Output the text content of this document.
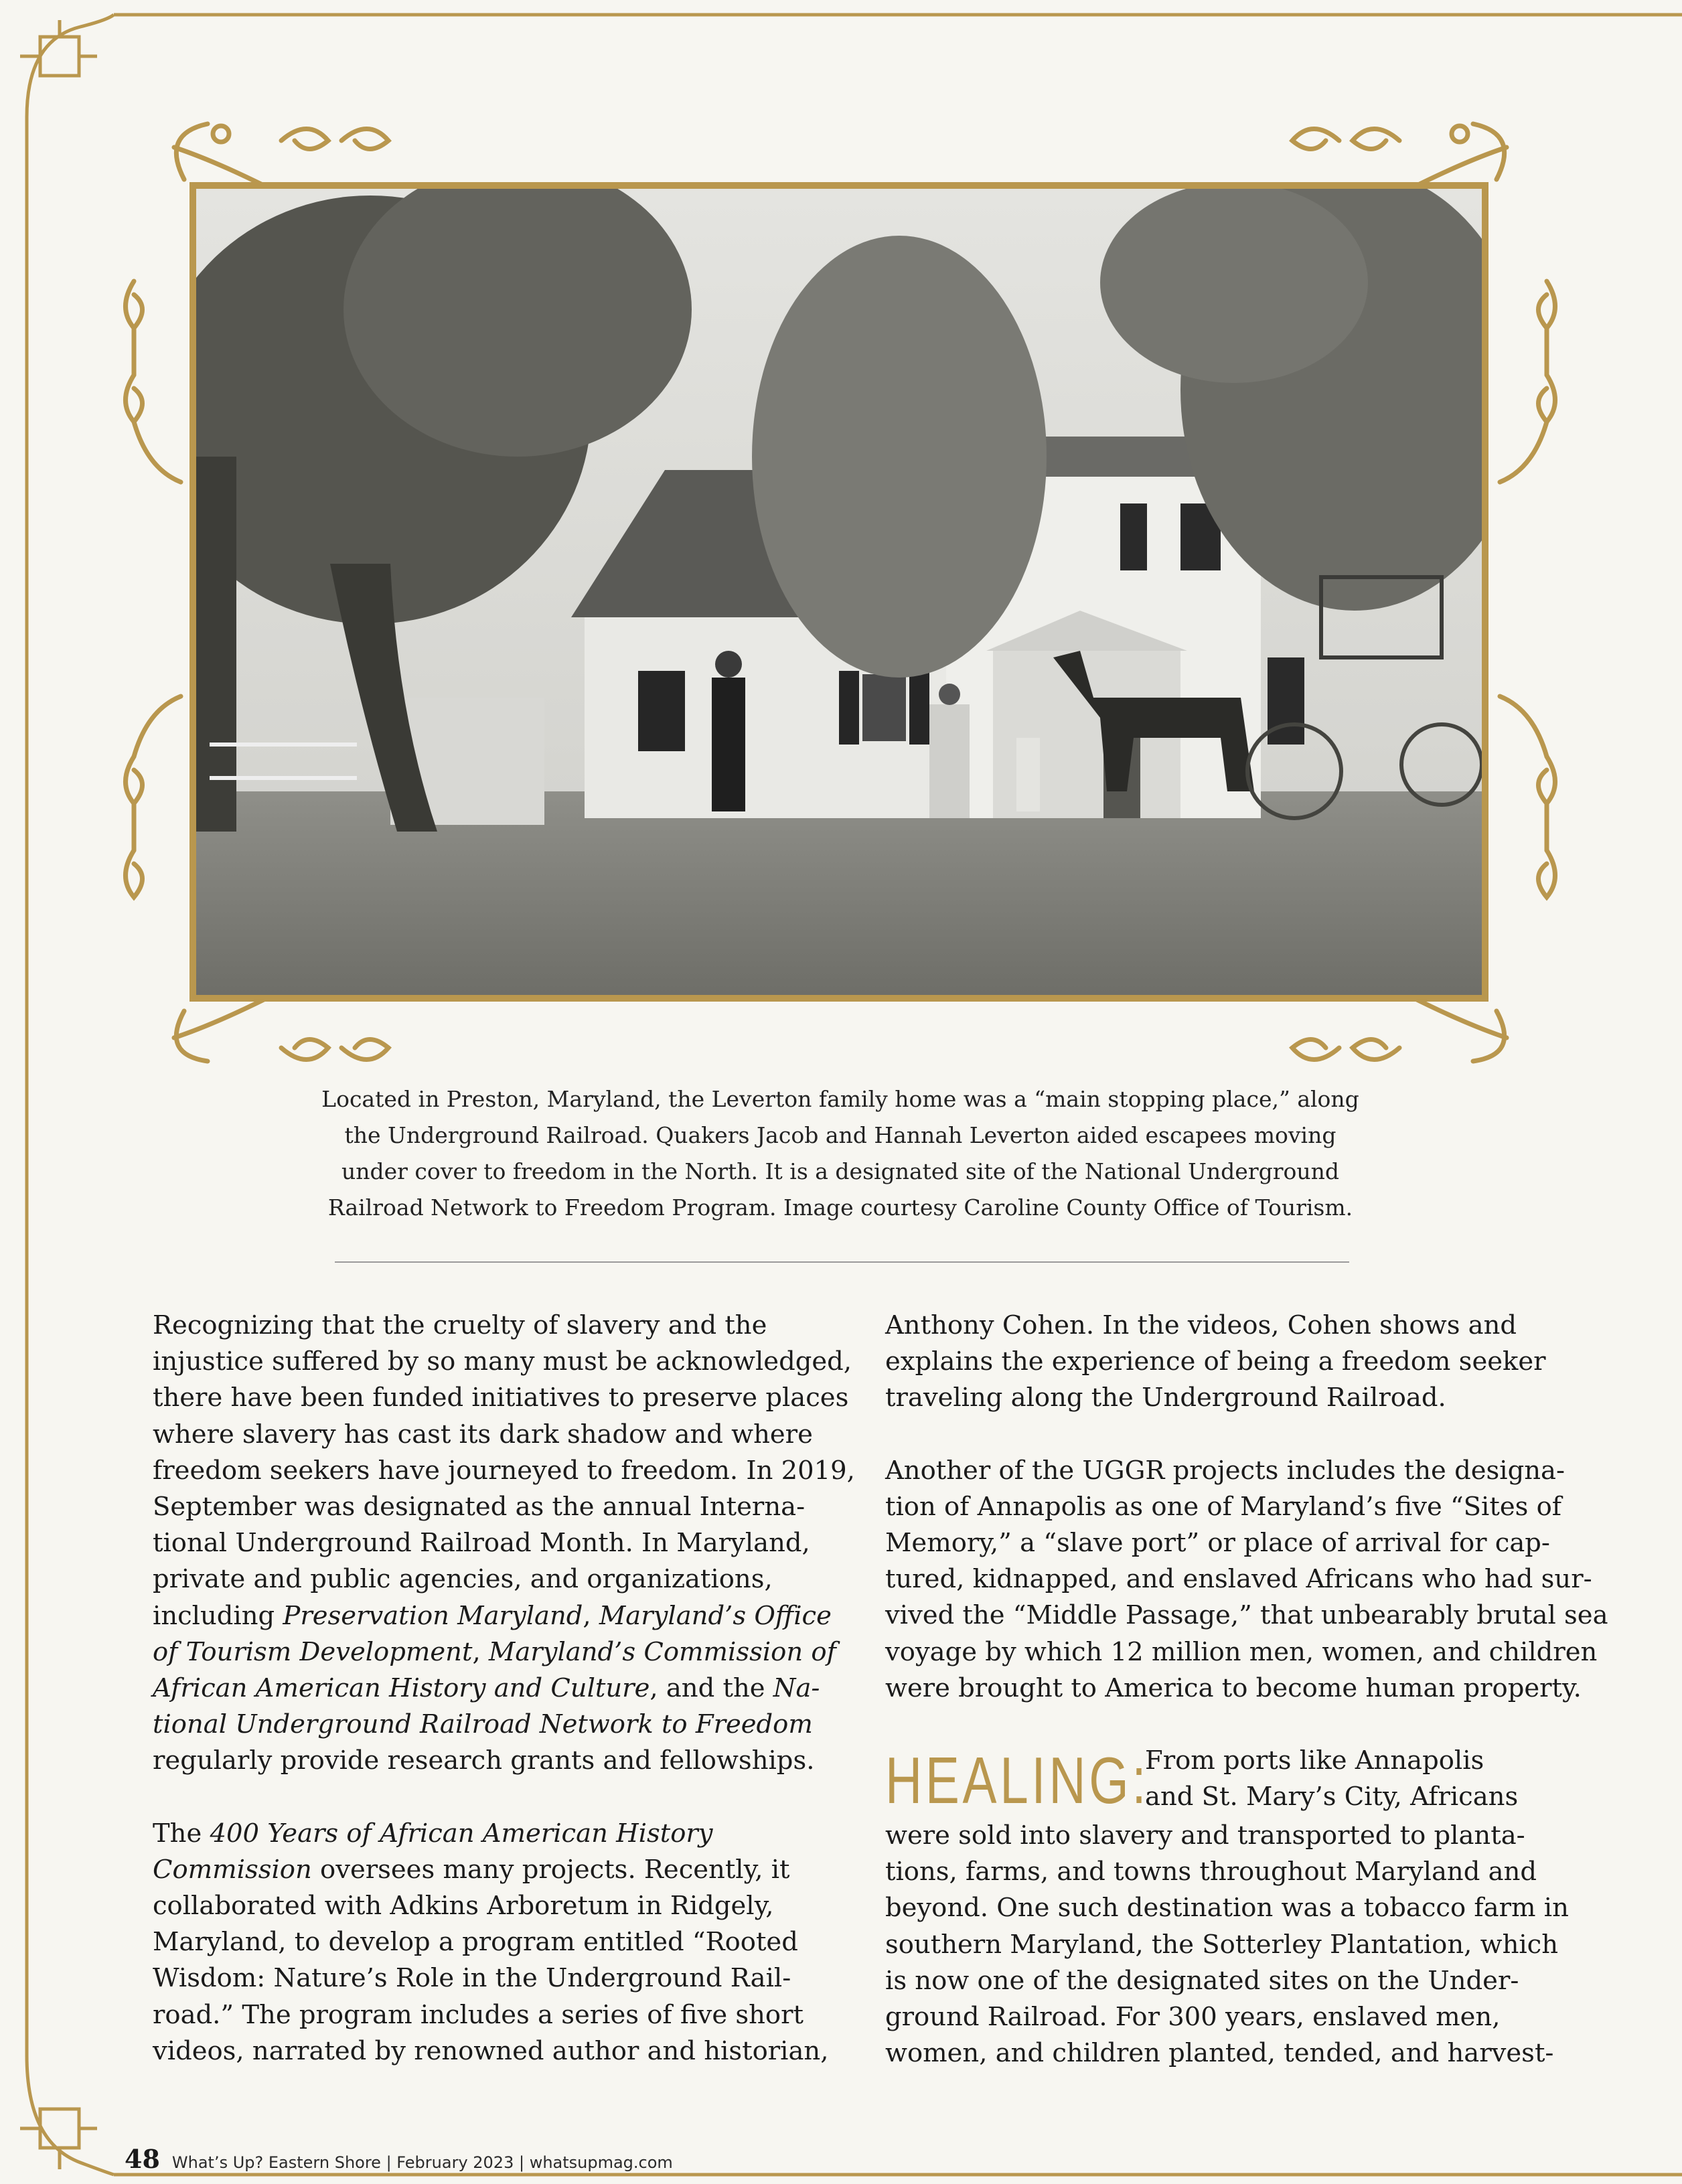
Located in Preston, Maryland, the Leverton family home was a “main stopping place,” along
the Underground Railroad. Quakers Jacob and Hannah Leverton aided escapees moving
under cover to freedom in the North. It is a designated site of the National Underground
Railroad Network to Freedom Program. Image courtesy Caroline County Office of Tourism.

Recognizing that the cruelty of slavery and the
injustice suffered by so many must be acknowledged,
there have been funded initiatives to preserve places
where slavery has cast its dark shadow and where
freedom seekers have journeyed to freedom. In 2019,
September was designated as the annual Interna-
tional Underground Railroad Month. In Maryland,
private and public agencies, and organizations,
including Preservation Maryland, Maryland’s Office
of Tourism Development, Maryland’s Commission of
African American History and Culture, and the Na-
tional Underground Railroad Network to Freedom
regularly provide research grants and fellowships.

The 400 Years of African American History
Commission oversees many projects. Recently, it
collaborated with Adkins Arboretum in Ridgely,
Maryland, to develop a program entitled “Rooted
Wisdom: Nature’s Role in the Underground Rail-
road.” The program includes a series of five short
videos, narrated by renowned author and historian,

Anthony Cohen. In the videos, Cohen shows and
explains the experience of being a freedom seeker
traveling along the Underground Railroad.

Another of the UGGR projects includes the designa-
tion of Annapolis as one of Maryland’s five “Sites of
Memory,” a “slave port” or place of arrival for cap-
tured, kidnapped, and enslaved Africans who had sur-
vived the “Middle Passage,” that unbearably brutal sea
voyage by which 12 million men, women, and children
were brought to America to become human property.

HEALING:
From ports like Annapolis
and St. Mary’s City, Africans
were sold into slavery and transported to planta-
tions, farms, and towns throughout Maryland and
beyond. One such destination was a tobacco farm in
southern Maryland, the Sotterley Plantation, which
is now one of the designated sites on the Under-
ground Railroad. For 300 years, enslaved men,
women, and children planted, tended, and harvest-
48 What’s Up? Eastern Shore | February 2023 | whatsupmag.com
